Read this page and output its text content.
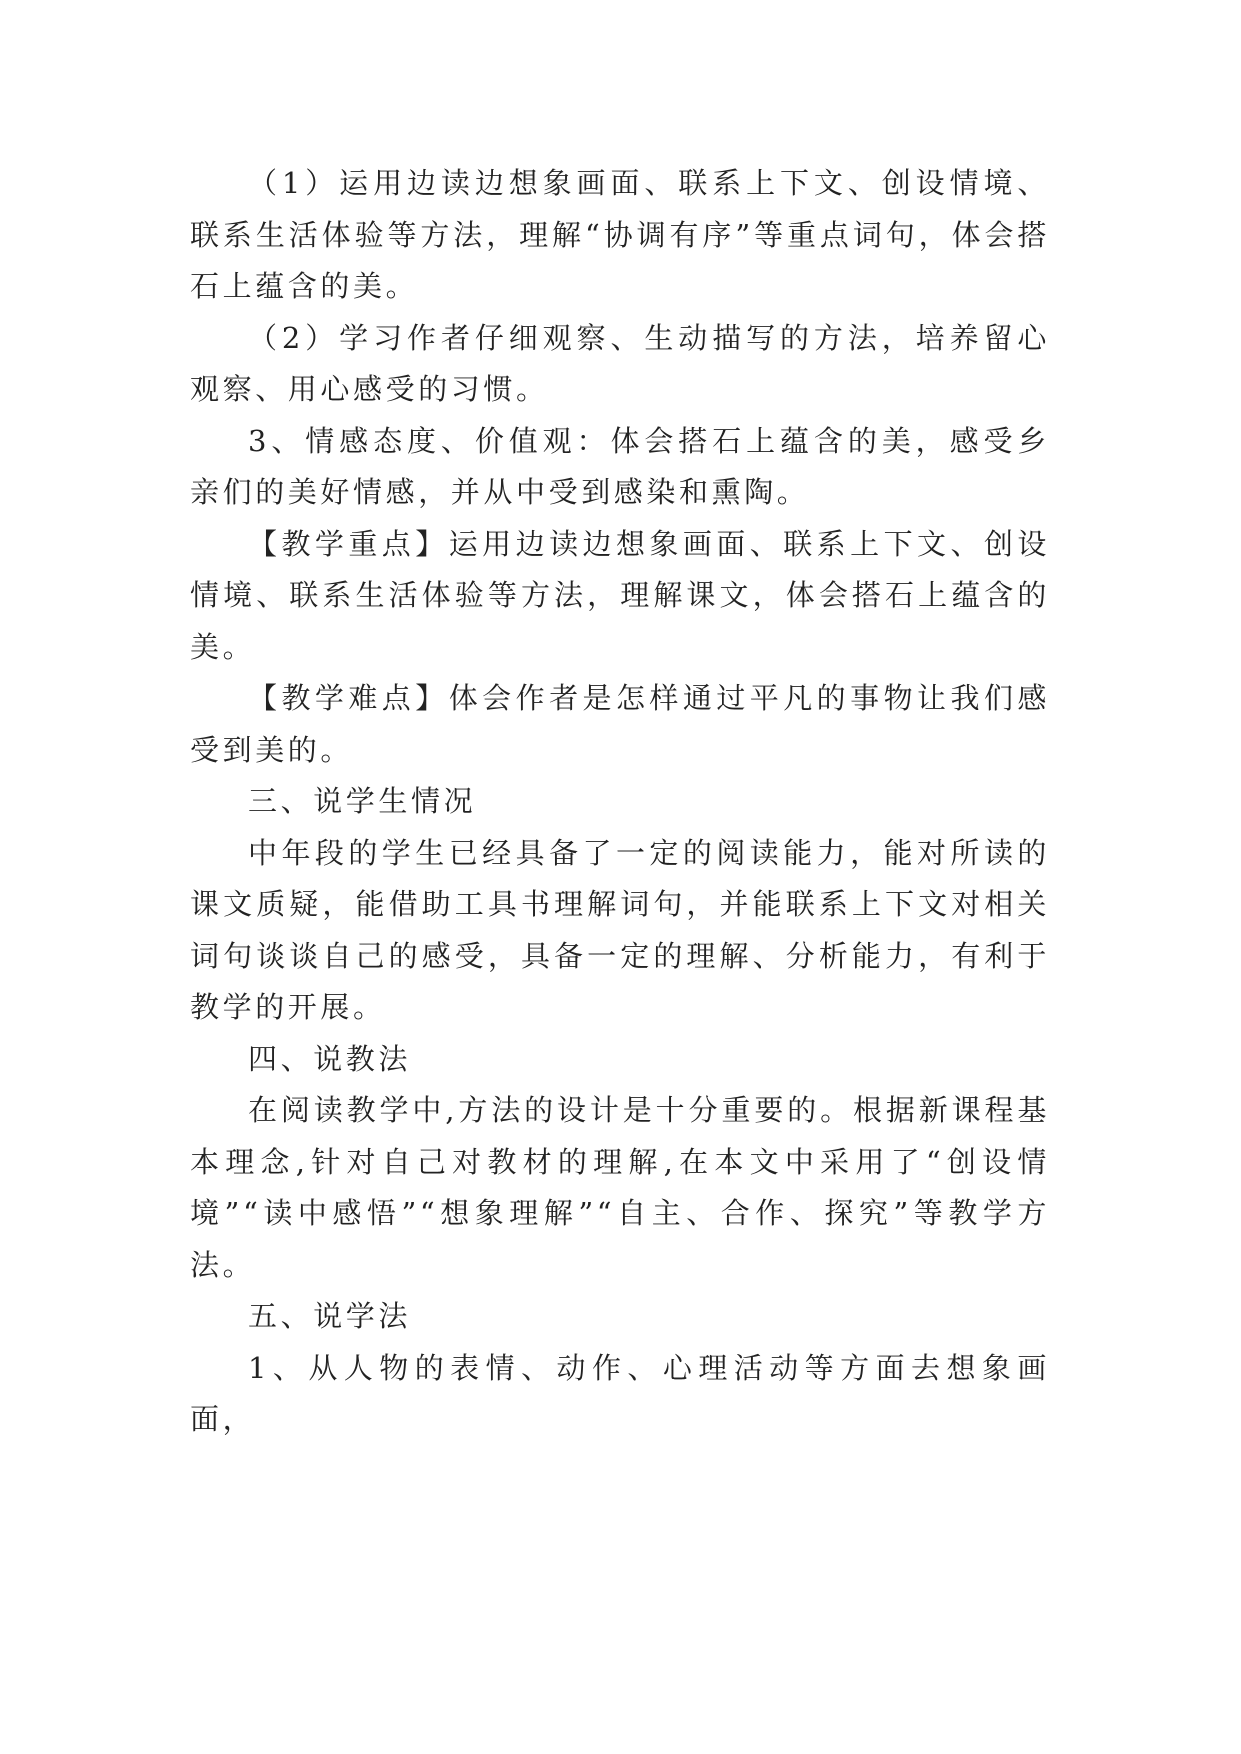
（1）运用边读边想象画面、联系上下文、创设情境、联系生活体验等方法，理解“协调有序”等重点词句，体会搭石上蕴含的美。

（2）学习作者仔细观察、生动描写的方法，培养留心观察、用心感受的习惯。

3、情感态度、价值观：体会搭石上蕴含的美，感受乡亲们的美好情感，并从中受到感染和熏陶。

【教学重点】运用边读边想象画面、联系上下文、创设情境、联系生活体验等方法，理解课文，体会搭石上蕴含的美。

【教学难点】体会作者是怎样通过平凡的事物让我们感受到美的。

三、说学生情况

中年段的学生已经具备了一定的阅读能力，能对所读的课文质疑，能借助工具书理解词句，并能联系上下文对相关词句谈谈自己的感受，具备一定的理解、分析能力，有利于教学的开展。

四、说教法

在阅读教学中,方法的设计是十分重要的。根据新课程基本理念,针对自己对教材的理解,在本文中采用了“创设情境”“读中感悟”“想象理解”“自主、合作、探究”等教学方法。

五、说学法

1、从人物的表情、动作、心理活动等方面去想象画面，
